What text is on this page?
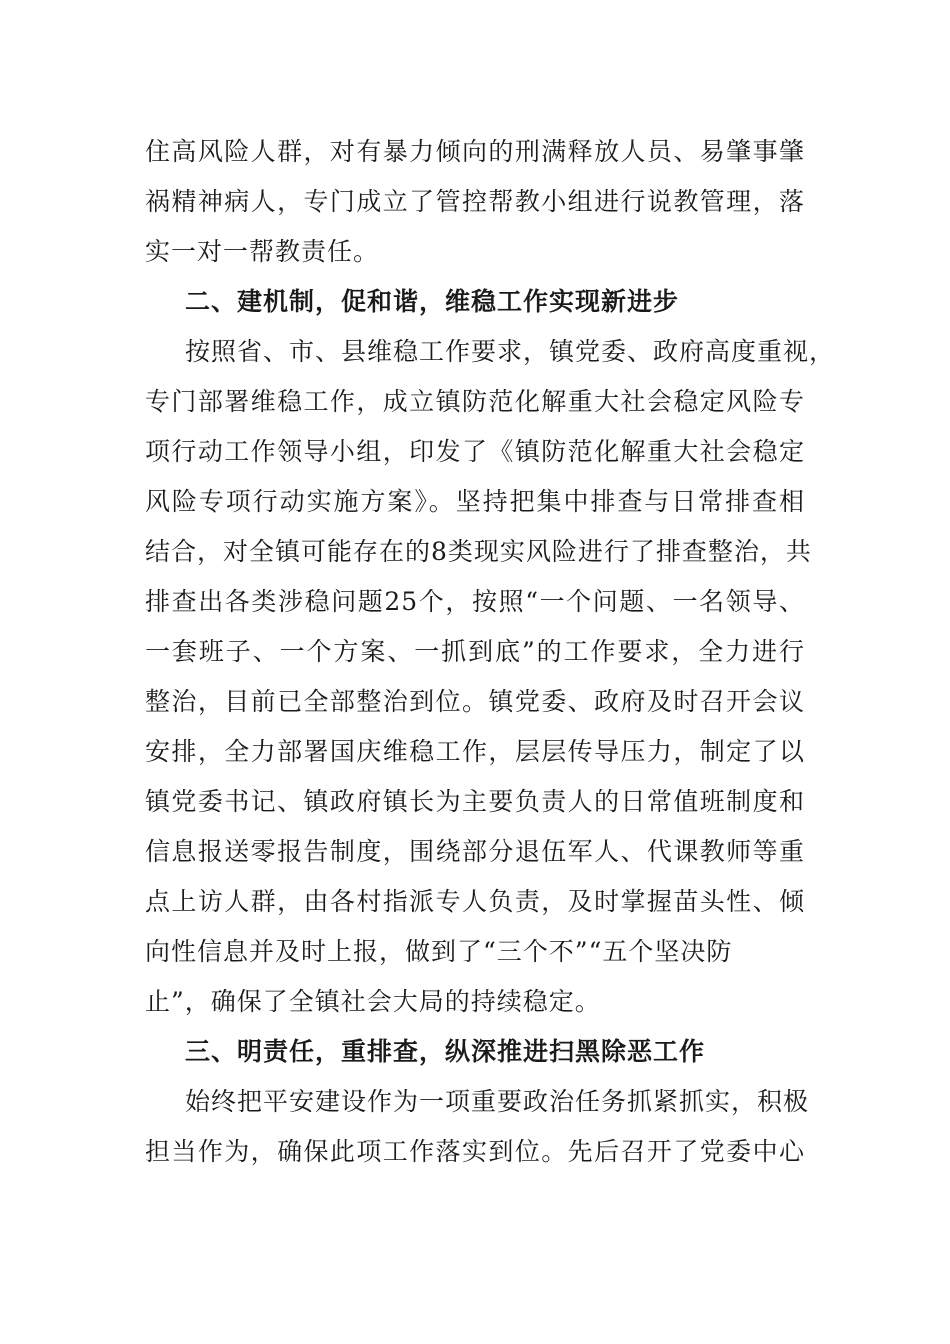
住高风险人群，对有暴力倾向的刑满释放人员、易肇事肇
祸精神病人，专门成立了管控帮教小组进行说教管理，落
实一对一帮教责任。
二、建机制，促和谐，维稳工作实现新进步
按照省、市、县维稳工作要求，镇党委、政府高度重视，
专门部署维稳工作，成立镇防范化解重大社会稳定风险专
项行动工作领导小组，印发了《镇防范化解重大社会稳定
风险专项行动实施方案》。坚持把集中排查与日常排查相
结合，对全镇可能存在的8类现实风险进行了排查整治，共
排查出各类涉稳问题25个，按照“一个问题、一名领导、
一套班子、一个方案、一抓到底”的工作要求，全力进行
整治，目前已全部整治到位。镇党委、政府及时召开会议
安排，全力部署国庆维稳工作，层层传导压力，制定了以
镇党委书记、镇政府镇长为主要负责人的日常值班制度和
信息报送零报告制度，围绕部分退伍军人、代课教师等重
点上访人群，由各村指派专人负责，及时掌握苗头性、倾
向性信息并及时上报，做到了“三个不”“五个坚决防
止”，确保了全镇社会大局的持续稳定。
三、明责任，重排查，纵深推进扫黑除恶工作
始终把平安建设作为一项重要政治任务抓紧抓实，积极
担当作为，确保此项工作落实到位。先后召开了党委中心
